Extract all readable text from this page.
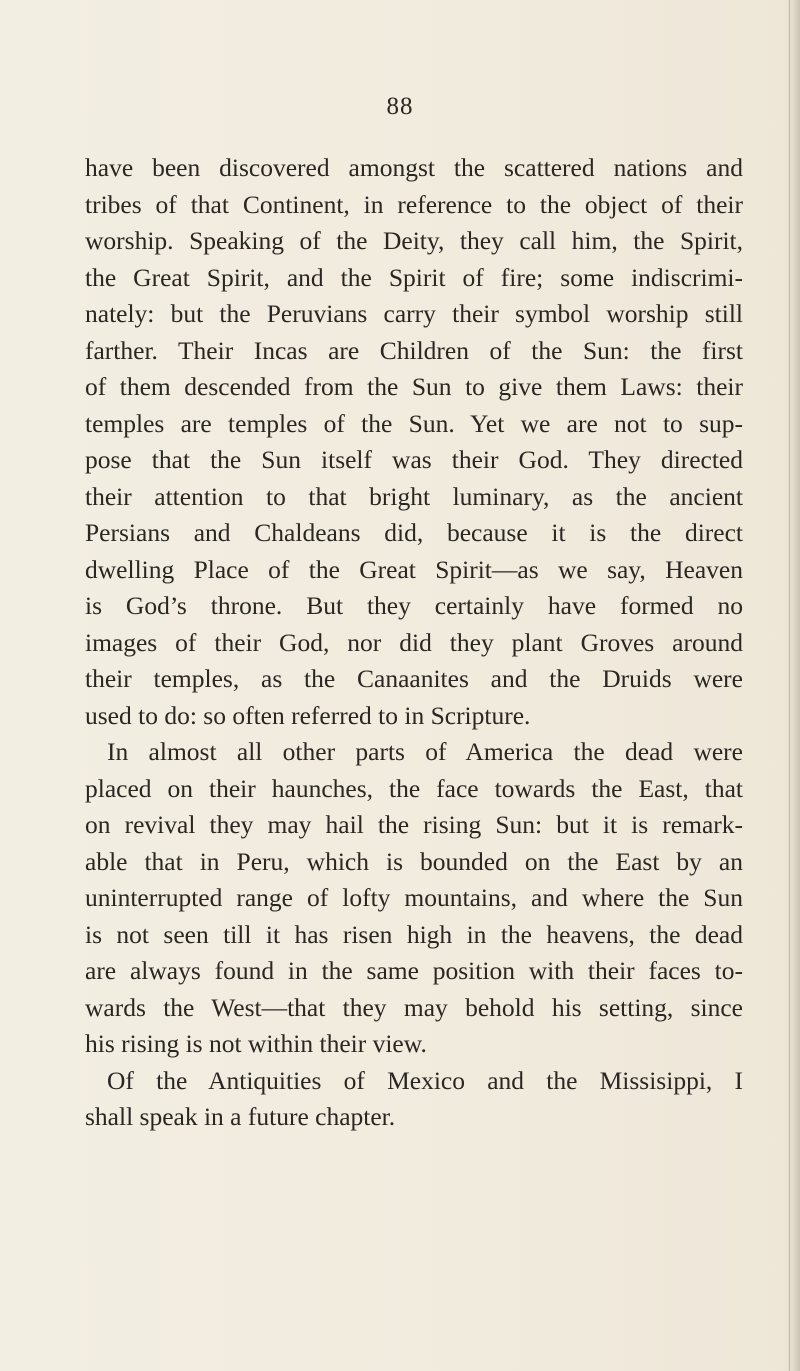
88
have been discovered amongst the scattered nations and
tribes of that Continent, in reference to the object of their
worship. Speaking of the Deity, they call him, the Spirit,
the Great Spirit, and the Spirit of fire; some indiscrimi-
nately: but the Peruvians carry their symbol worship still
farther. Their Incas are Children of the Sun: the first
of them descended from the Sun to give them Laws: their
temples are temples of the Sun. Yet we are not to sup-
pose that the Sun itself was their God. They directed
their attention to that bright luminary, as the ancient
Persians and Chaldeans did, because it is the direct
dwelling Place of the Great Spirit—as we say, Heaven
is God’s throne. But they certainly have formed no
images of their God, nor did they plant Groves around
their temples, as the Canaanites and the Druids were
used to do: so often referred to in Scripture.
In almost all other parts of America the dead were
placed on their haunches, the face towards the East, that
on revival they may hail the rising Sun: but it is remark-
able that in Peru, which is bounded on the East by an
uninterrupted range of lofty mountains, and where the Sun
is not seen till it has risen high in the heavens, the dead
are always found in the same position with their faces to-
wards the West—that they may behold his setting, since
his rising is not within their view.
Of the Antiquities of Mexico and the Missisippi, I
shall speak in a future chapter.
